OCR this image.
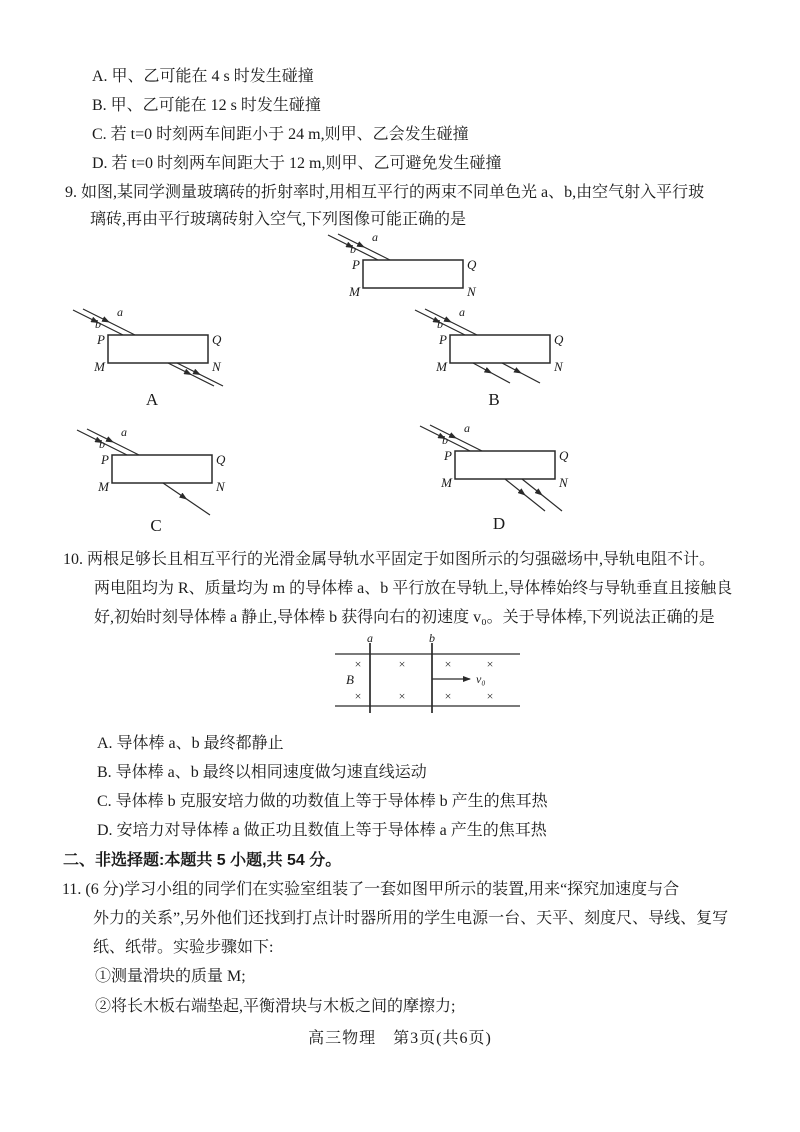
A. 甲、乙可能在 4 s 时发生碰撞
B. 甲、乙可能在 12 s 时发生碰撞
C. 若 t=0 时刻两车间距小于 24 m,则甲、乙会发生碰撞
D. 若 t=0 时刻两车间距大于 12 m,则甲、乙可避免发生碰撞
9. 如图,某同学测量玻璃砖的折射率时,用相互平行的两束不同单色光 a、b,由空气射入平行玻
璃砖,再由平行玻璃砖射入空气,下列图像可能正确的是
a
b
P	Q
M	N
a
b
P	Q
M	N
A
a
b
P	Q
M	N
B
a
b
P	Q
M	N
C
a
b
P	Q
M	N
D
10. 两根足够长且相互平行的光滑金属导轨水平固定于如图所示的匀强磁场中,导轨电阻不计。
两电阻均为 R、质量均为 m 的导体棒 a、b 平行放在导轨上,导体棒始终与导轨垂直且接触良
好,初始时刻导体棒 a 静止,导体棒 b 获得向右的初速度 v₀。关于导体棒,下列说法正确的是
a	b
×	×	×	×
×	×	×	×
B	v₀
A. 导体棒 a、b 最终都静止
B. 导体棒 a、b 最终以相同速度做匀速直线运动
C. 导体棒 b 克服安培力做的功数值上等于导体棒 b 产生的焦耳热
D. 安培力对导体棒 a 做正功且数值上等于导体棒 a 产生的焦耳热
二、非选择题:本题共 5 小题,共 54 分。
11. (6 分)学习小组的同学们在实验室组装了一套如图甲所示的装置,用来“探究加速度与合
外力的关系”,另外他们还找到打点计时器所用的学生电源一台、天平、刻度尺、导线、复写
纸、纸带。实验步骤如下:
①测量滑块的质量 M;
②将长木板右端垫起,平衡滑块与木板之间的摩擦力;
高三物理　第3页(共6页)
